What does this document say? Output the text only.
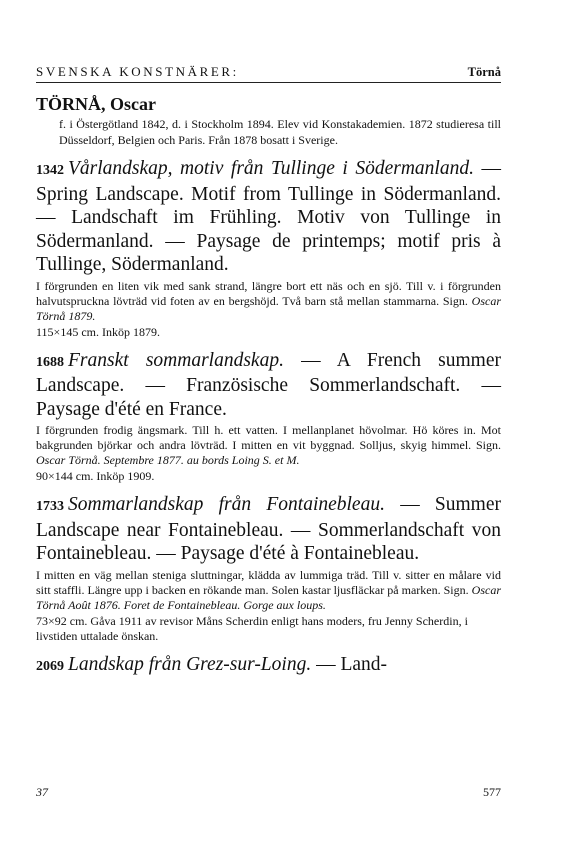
SVENSKA KONSTNÄRER:	Törnå
TÖRNÅ, Oscar
f. i Östergötland 1842, d. i Stockholm 1894. Elev vid Konstakademien. 1872 studieresa till Düsseldorf, Belgien och Paris. Från 1878 bosatt i Sverige.
1342 Vårlandskap, motiv från Tullinge i Södermanland. — Spring Landscape. Motif from Tullinge in Södermanland. — Landschaft im Frühling. Motiv von Tullinge in Södermanland. — Paysage de printemps; motif pris à Tullinge, Södermanland.
I förgrunden en liten vik med sank strand, längre bort ett näs och en sjö. Till v. i förgrunden halvutspruckna lövträd vid foten av en bergshöjd. Två barn stå mellan stammarna. Sign. Oscar Törnå 1879.
115×145 cm. Inköp 1879.
1688 Franskt sommarlandskap. — A French summer Landscape. — Französische Sommerlandschaft. — Paysage d'été en France.
I förgrunden frodig ängsmark. Till h. ett vatten. I mellanplanet hövolmar. Hö köres in. Mot bakgrunden björkar och andra lövträd. I mitten en vit byggnad. Solljus, skyig himmel. Sign. Oscar Törnå. Septembre 1877. au bords Loing S. et M.
90×144 cm. Inköp 1909.
1733 Sommarlandskap från Fontainebleau. — Summer Landscape near Fontainebleau. — Sommerlandschaft von Fontainebleau. — Paysage d'été à Fontainebleau.
I mitten en väg mellan steniga sluttningar, klädda av lummiga träd. Till v. sitter en målare vid sitt staffli. Längre upp i backen en rökande man. Solen kastar ljusfläckar på marken. Sign. Oscar Törnå Août 1876. Foret de Fontainebleau. Gorge aux loups.
73×92 cm. Gåva 1911 av revisor Måns Scherdin enligt hans moders, fru Jenny Scherdin, i livstiden uttalade önskan.
2069 Landskap från Grez-sur-Loing. — Land-
37	577
